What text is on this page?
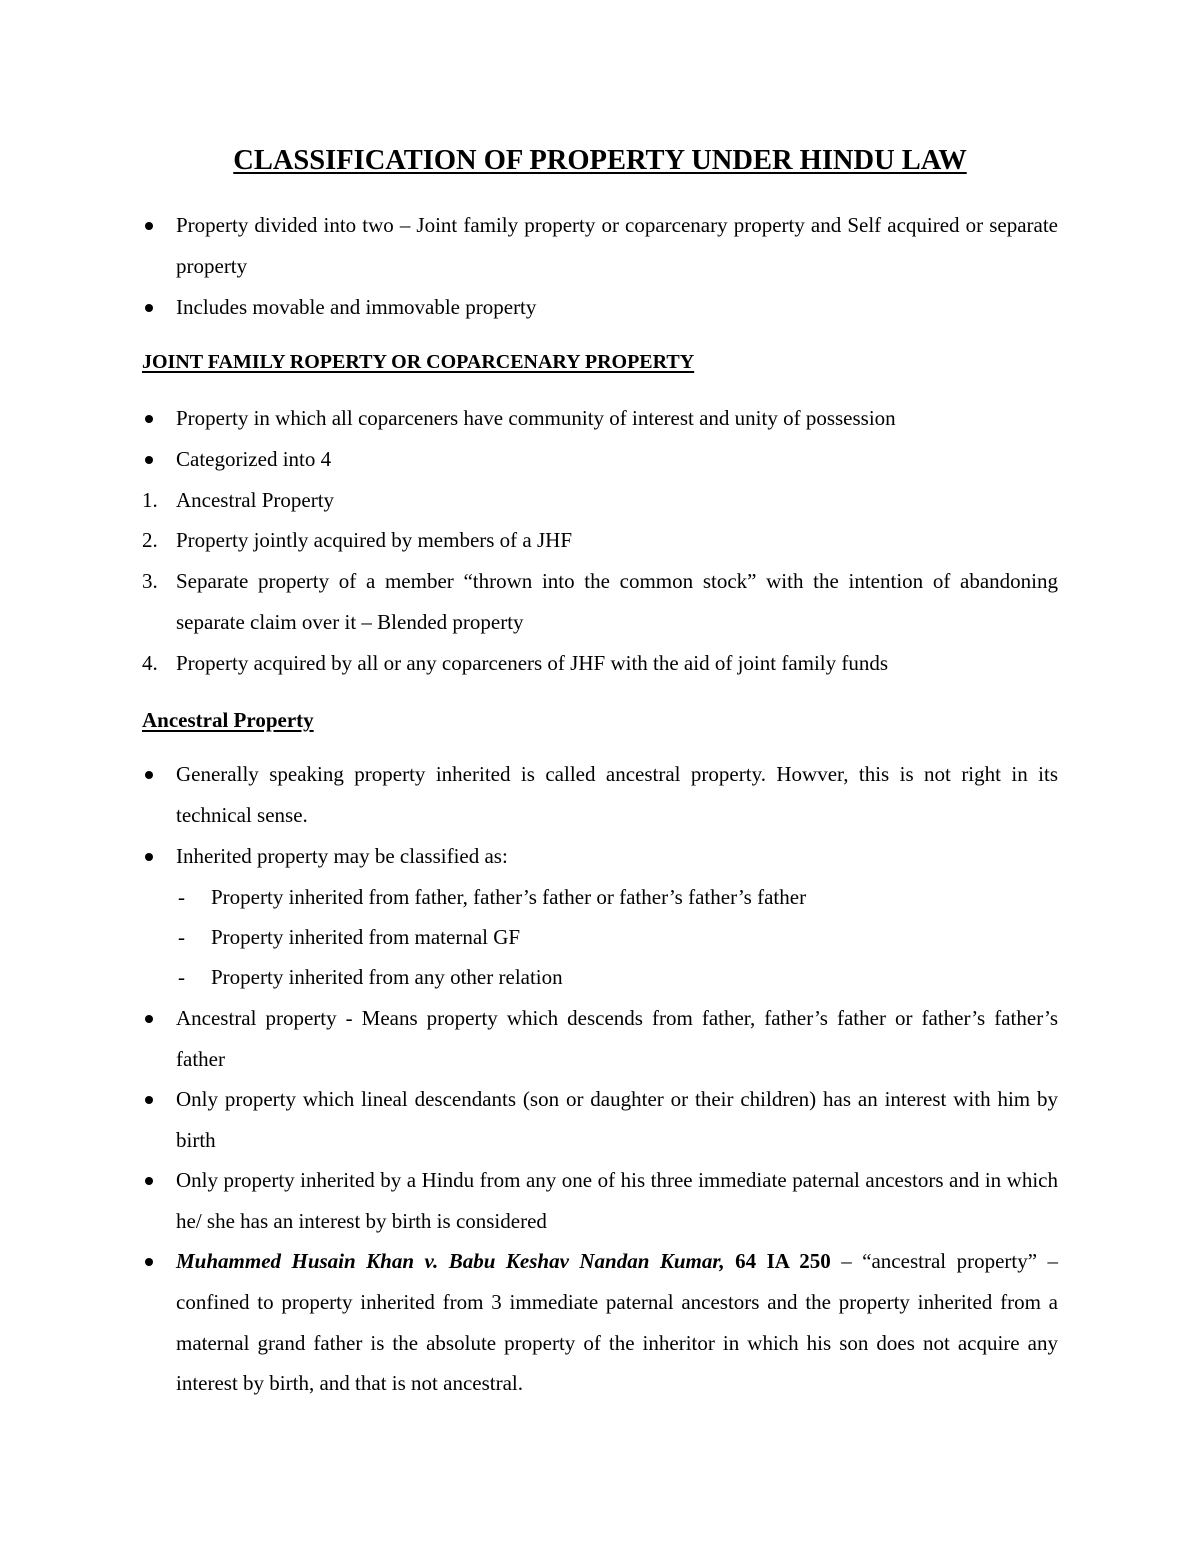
CLASSIFICATION OF PROPERTY UNDER HINDU LAW
Property divided into two – Joint family property or coparcenary property and Self acquired or separate property
Includes movable and immovable property
JOINT FAMILY ROPERTY OR COPARCENARY PROPERTY
Property in which all coparceners have community of interest and unity of possession
Categorized into 4
1. Ancestral Property
2. Property jointly acquired by members of a JHF
3. Separate property of a member “thrown into the common stock” with the intention of abandoning separate claim over it – Blended property
4. Property acquired by all or any coparceners of JHF with the aid of joint family funds
Ancestral Property
Generally speaking property inherited is called ancestral property. Howver, this is not right in its technical sense.
Inherited property may be classified as:
- Property inherited from father, father’s father or father’s father’s father
- Property inherited from maternal GF
- Property inherited from any other relation
Ancestral property - Means property which descends from father, father’s father or father’s father’s father
Only property which lineal descendants (son or daughter or their children) has an interest with him by birth
Only property inherited by a Hindu from any one of his three immediate paternal ancestors and in which he/ she has an interest by birth is considered
Muhammed Husain Khan v. Babu Keshav Nandan Kumar, 64 IA 250 – “ancestral property” – confined to property inherited from 3 immediate paternal ancestors and the property inherited from a maternal grand father is the absolute property of the inheritor in which his son does not acquire any interest by birth, and that is not ancestral.
